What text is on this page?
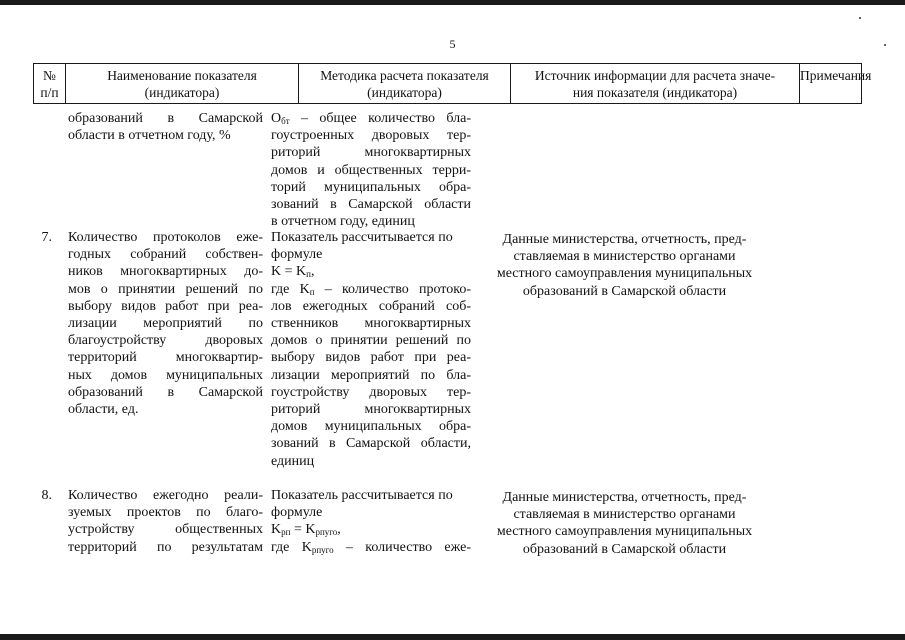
5
№
п/п
Наименование показателя
(индикатора)
Методика расчета показателя
(индикатора)
Источник информации для расчета значе-
ния показателя (индикатора)
Примечания
образований в Самарской
области в отчетном году, %
$О_{бт}$ – общее количество бла-
гоустроенных дворовых тер-
риторий многоквартирных
домов и общественных терри-
торий муниципальных обра-
зований в Самарской области
в отчетном году, единиц
7. Количество протоколов еже-
годных собраний собствен-
ников многоквартирных до-
мов о принятии решений по
выбору видов работ при реа-
лизации мероприятий по
благоустройству дворовых
территорий многоквартир-
ных домов муниципальных
образований в Самарской
области, ед.
Показатель рассчитывается по
формуле
$K = K_п$,
где $K_п$ – количество протоко-
лов ежегодных собраний соб-
ственников многоквартирных
домов о принятии решений по
выбору видов работ при реа-
лизации мероприятий по бла-
гоустройству дворовых тер-
риторий многоквартирных
домов муниципальных обра-
зований в Самарской области,
единиц
Данные министерства, отчетность, пред-
ставляемая в министерство органами
местного самоуправления муниципальных
образований в Самарской области
8. Количество ежегодно реали-
зуемых проектов по благо-
устройству общественных
территорий по результатам
Показатель рассчитывается по
формуле
$K_{рп} = K_{рпуго}$,
где $K_{рпуго}$ – количество еже-
Данные министерства, отчетность, пред-
ставляемая в министерство органами
местного самоуправления муниципальных
образований в Самарской области
